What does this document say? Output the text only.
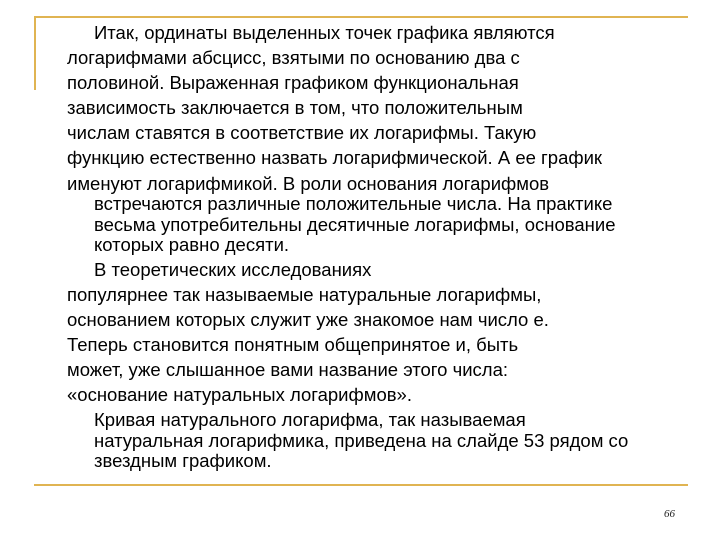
Итак, ординаты выделенных точек графика являются
логарифмами абсцисс, взятыми по основанию два с
половиной. Выраженная графиком функциональная
зависимость заключается в том, что положительным
числам ставятся в соответствие их логарифмы. Такую
функцию естественно назвать логарифмической. А ее график
именуют логарифмикой. В роли основания логарифмов
встречаются различные положительные числа. На практике
весьма употребительны десятичные логарифмы, основание
которых равно десяти.
В теоретических исследованиях
популярнее так называемые натуральные логарифмы,
основанием которых служит уже знакомое нам число е.
Теперь становится понятным общепринятое и, быть
может, уже слышанное вами название этого числа:
«основание натуральных логарифмов».
Кривая натурального логарифма, так называемая
натуральная логарифмика, приведена на слайде 53 рядом со
звездным графиком.
66
